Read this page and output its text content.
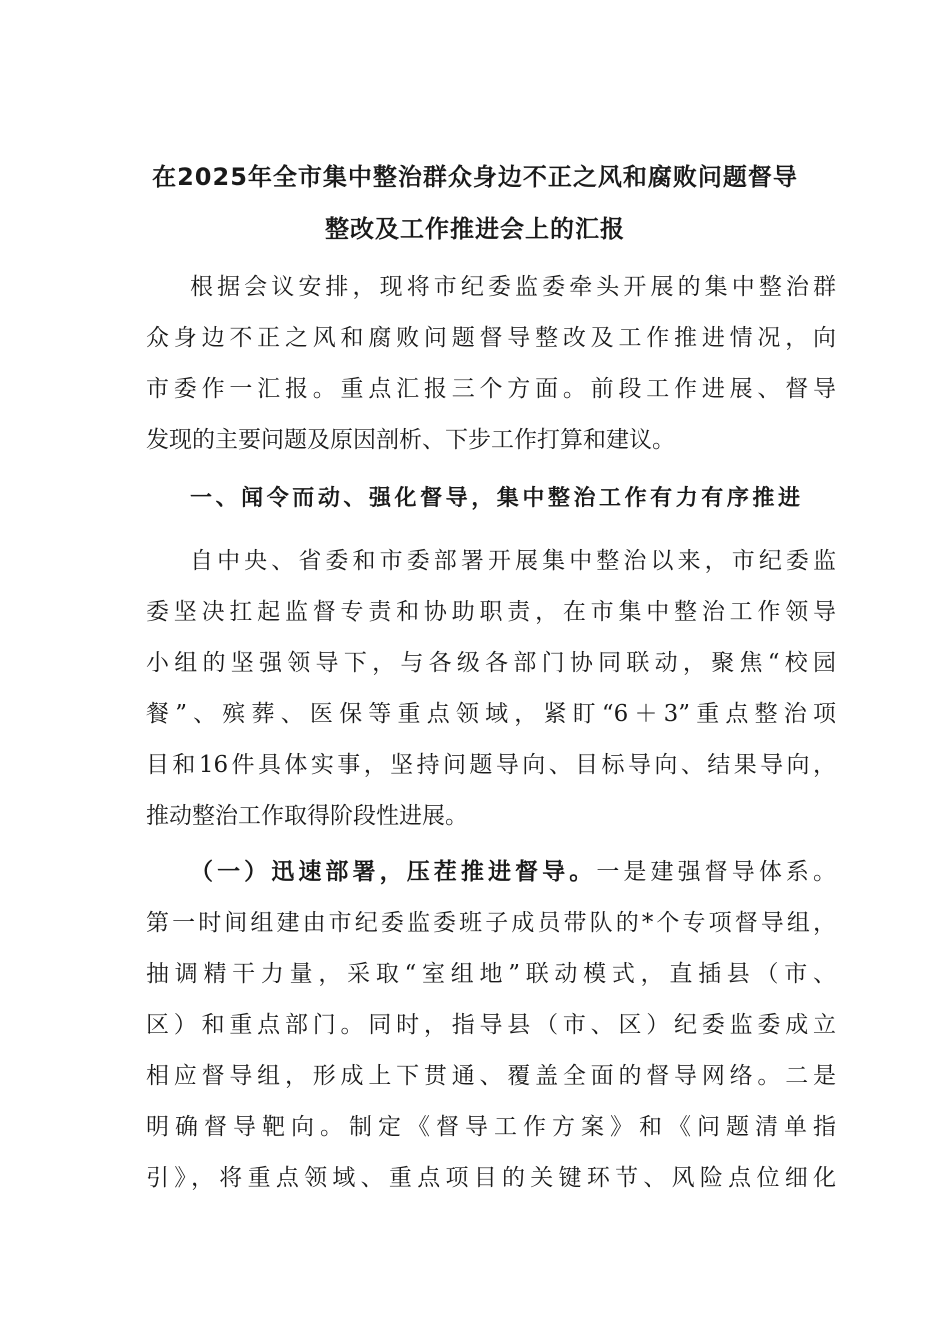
在2025年全市集中整治群众身边不正之风和腐败问题督导
整改及工作推进会上的汇报

根据会议安排，现将市纪委监委牵头开展的集中整治群

众身边不正之风和腐败问题督导整改及工作推进情况，向

市委作一汇报。重点汇报三个方面。前段工作进展、督导

发现的主要问题及原因剖析、下步工作打算和建议。

一、闻令而动、强化督导，集中整治工作有力有序推进

自中央、省委和市委部署开展集中整治以来，市纪委监

委坚决扛起监督专责和协助职责，在市集中整治工作领导

小组的坚强领导下，与各级各部门协同联动，聚焦“校园

餐”、殡葬、医保等重点领域，紧盯“6＋3”重点整治项

目和16件具体实事，坚持问题导向、目标导向、结果导向，

推动整治工作取得阶段性进展。

（一）迅速部署，压茬推进督导。一是建强督导体系。

第一时间组建由市纪委监委班子成员带队的*个专项督导组，

抽调精干力量，采取“室组地”联动模式，直插县（市、

区）和重点部门。同时，指导县（市、区）纪委监委成立

相应督导组，形成上下贯通、覆盖全面的督导网络。二是

明确督导靶向。制定《督导工作方案》和《问题清单指

引》，将重点领域、重点项目的关键环节、风险点位细化
